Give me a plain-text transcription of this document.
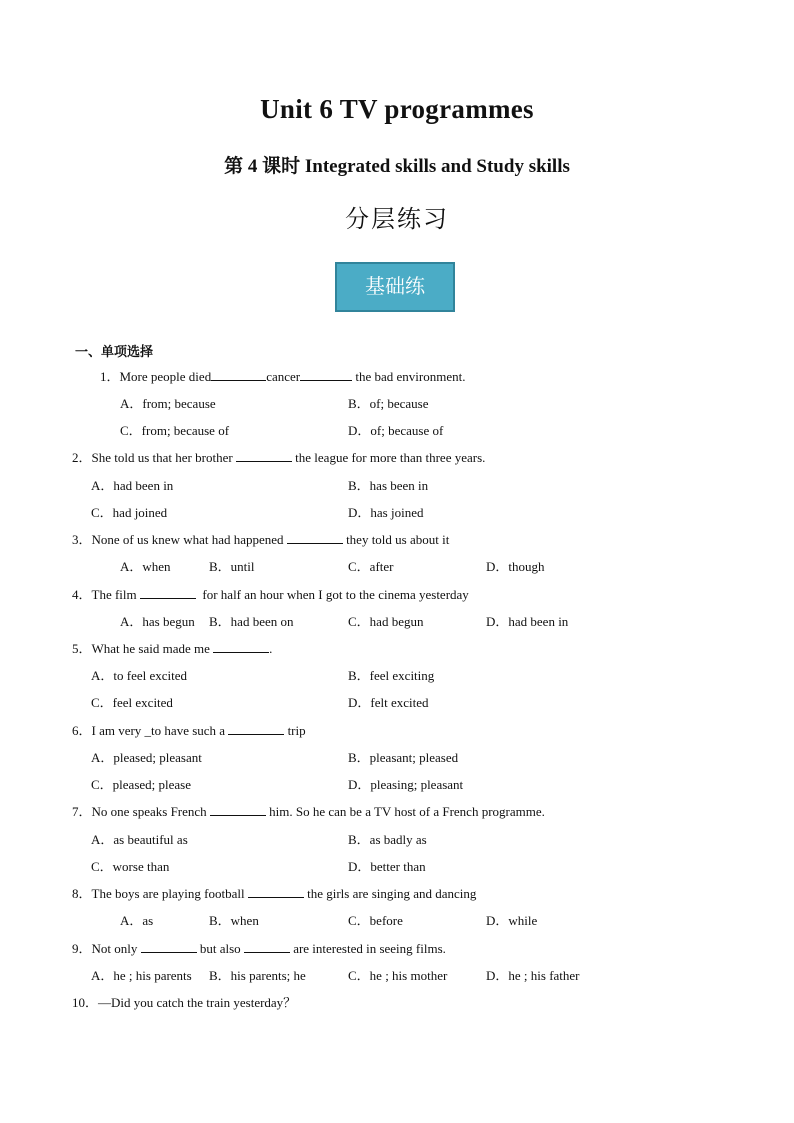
Unit 6 TV programmes
第 4 课时 Integrated skills and Study skills
分层练习
基础练
一、单项选择
1．More people died	cancer	the bad environment.
A．from; because	B．of; because
C．from; because of	D．of; because of
2．She told us that her brother	the league for more than three years.
A．had been in	B．has been in
C．had joined	D．has joined
3．None of us knew what had happened	they told us about it
A．when	B．until	C．after	D．though
4．The film	for half an hour when I got to the cinema yesterday
A．has begun B．had been on	C．had begun	D．had been in
5．What he said made me	.
A．to feel excited	B．feel exciting
C．feel excited	D．felt excited
6．I am very _to have such a	trip
A．pleased; pleasant	B．pleasant; pleased
C．pleased; please	D．pleasing; pleasant
7．No one speaks French	him. So he can be a TV host of a French programme.
A．as beautiful as	B．as badly as
C．worse than	D．better than
8．The boys are playing football	the girls are singing and dancing
A．as	B．when	C．before	D．while
9．Not only	but also	are interested in seeing films.
A．he ; his parents B．his parents; he	C．he ; his mother	D．he ; his father
10．—Did you catch the train yesterday？
